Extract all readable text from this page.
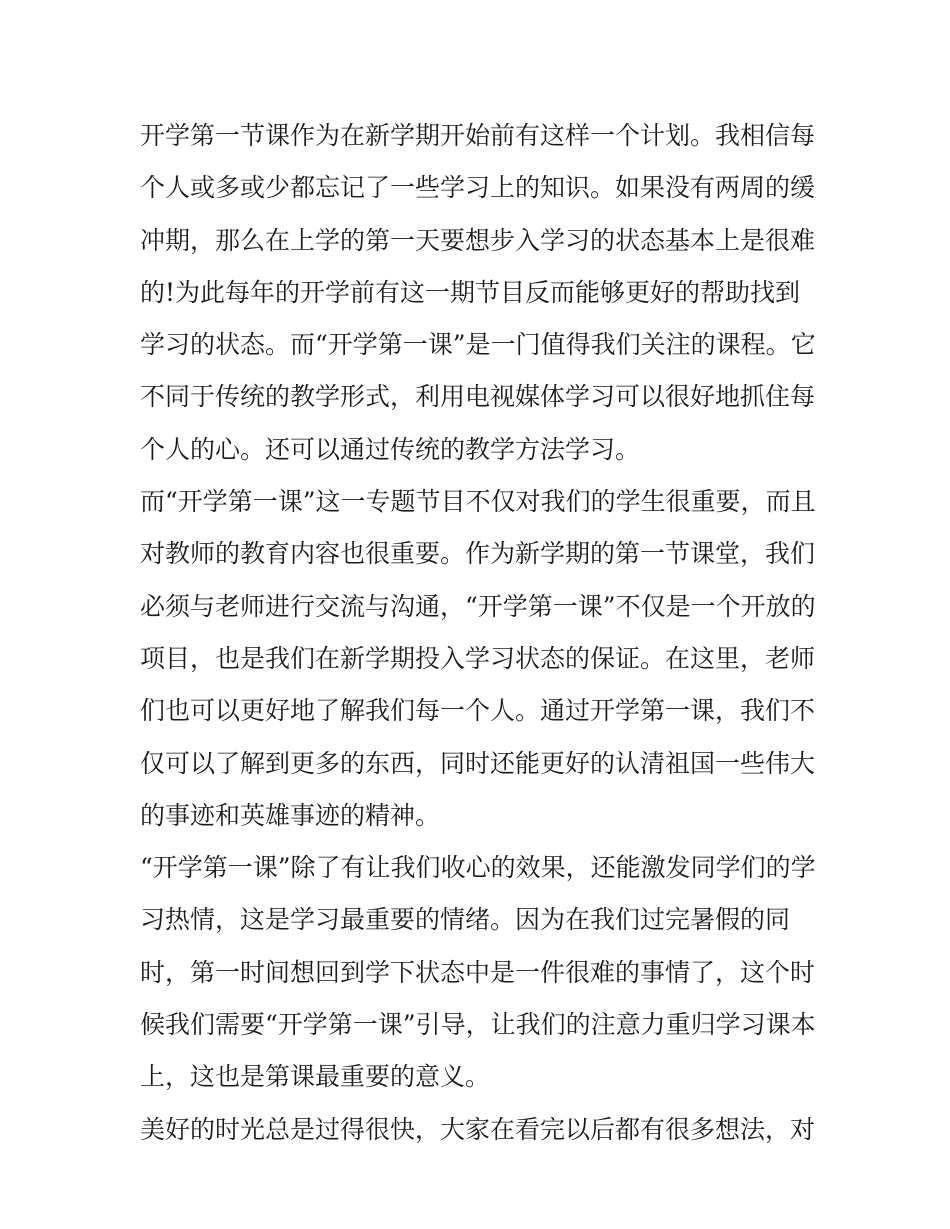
开学第一节课作为在新学期开始前有这样一个计划。我相信每
个人或多或少都忘记了一些学习上的知识。如果没有两周的缓
冲期，那么在上学的第一天要想步入学习的状态基本上是很难
的!为此每年的开学前有这一期节目反而能够更好的帮助找到
学习的状态。而“开学第一课”是一门值得我们关注的课程。它
不同于传统的教学形式，利用电视媒体学习可以很好地抓住每
个人的心。还可以通过传统的教学方法学习。
而“开学第一课”这一专题节目不仅对我们的学生很重要，而且
对教师的教育内容也很重要。作为新学期的第一节课堂，我们
必须与老师进行交流与沟通，“开学第一课”不仅是一个开放的
项目，也是我们在新学期投入学习状态的保证。在这里，老师
们也可以更好地了解我们每一个人。通过开学第一课，我们不
仅可以了解到更多的东西，同时还能更好的认清祖国一些伟大
的事迹和英雄事迹的精神。
“开学第一课”除了有让我们收心的效果，还能激发同学们的学
习热情，这是学习最重要的情绪。因为在我们过完暑假的同
时，第一时间想回到学下状态中是一件很难的事情了，这个时
候我们需要“开学第一课”引导，让我们的注意力重归学习课本
上，这也是第课最重要的意义。
美好的时光总是过得很快，大家在看完以后都有很多想法，对
